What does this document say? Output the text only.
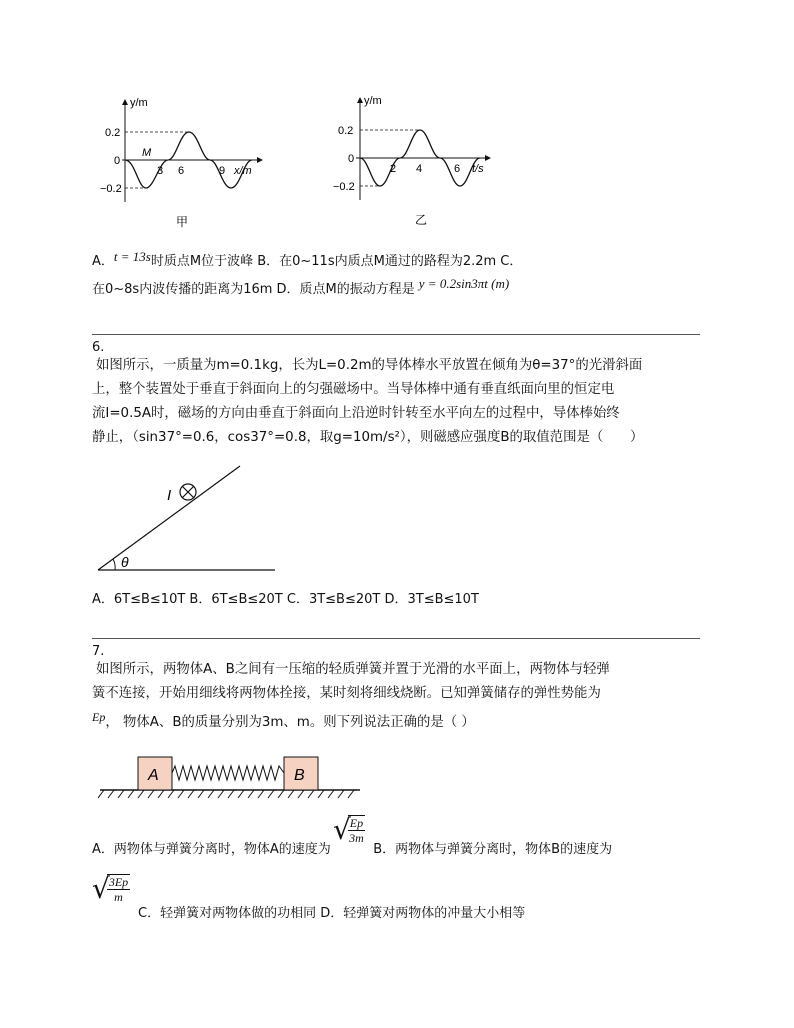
y/m
0.2
0
−0.2
M
3 6	9 x/m
甲
y/m
0.2
0
−0.2
2 4	6 t/s
乙
A．t = 13s时质点M位于波峰 B．在0~11s内质点M通过的路程为2.2m C．
在0~8s内波传播的距离为16m D．质点M的振动方程是 y = 0.2sin3πt (m)
6.
如图所示，一质量为m=0.1kg，长为L=0.2m的导体棒水平放置在倾角为θ=37°的光滑斜面
上，整个装置处于垂直于斜面向上的匀强磁场中。当导体棒中通有垂直纸面向里的恒定电
流I=0.5A时，磁场的方向由垂直于斜面向上沿逆时针转至水平向左的过程中，导体棒始终
静止，（sin37°=0.6，cos37°=0.8，取g=10m/s²），则磁感应强度B的取值范围是（　　）
I
θ
A．6T≤B≤10T B．6T≤B≤20T C．3T≤B≤20T D．3T≤B≤10T
7.
如图所示，两物体A、B之间有一压缩的轻质弹簧并置于光滑的水平面上，两物体与轻弹
簧不连接，开始用细线将两物体拴接，某时刻将细线烧断。已知弹簧储存的弹性势能为
Ep， 物体A、B的质量分别为3m、m。则下列说法正确的是（ ）
A	B
A．两物体与弹簧分离时，物体A的速度为 √
$\frac{Ep}{3m}$
B．两物体与弹簧分离时，物体B的速度为
√
$\frac{3Ep}{m}$
C．轻弹簧对两物体做的功相同 D．轻弹簧对两物体的冲量大小相等
